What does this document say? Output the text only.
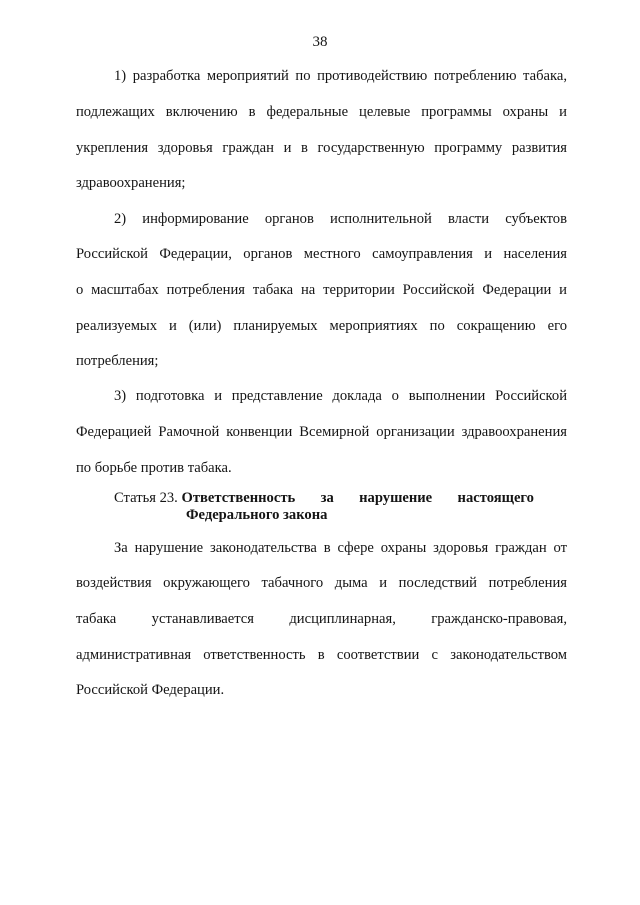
38
1) разработка мероприятий по противодействию потреблению табака,
подлежащих включению в федеральные целевые программы охраны и
укрепления здоровья граждан и в государственную программу развития
здравоохранения;
2) информирование органов исполнительной власти субъектов
Российской Федерации, органов местного самоуправления и населения
о масштабах потребления табака на территории Российской Федерации и
реализуемых и (или) планируемых мероприятиях по сокращению его
потребления;
3) подготовка и представление доклада о выполнении Российской
Федерацией Рамочной конвенции Всемирной организации здравоохранения
по борьбе против табака.
Статья 23. Ответственность за нарушение настоящего
Федерального закона
За нарушение законодательства в сфере охраны здоровья граждан от
воздействия окружающего табачного дыма и последствий потребления
табака устанавливается дисциплинарная, гражданско-правовая,
административная ответственность в соответствии с законодательством
Российской Федерации.
